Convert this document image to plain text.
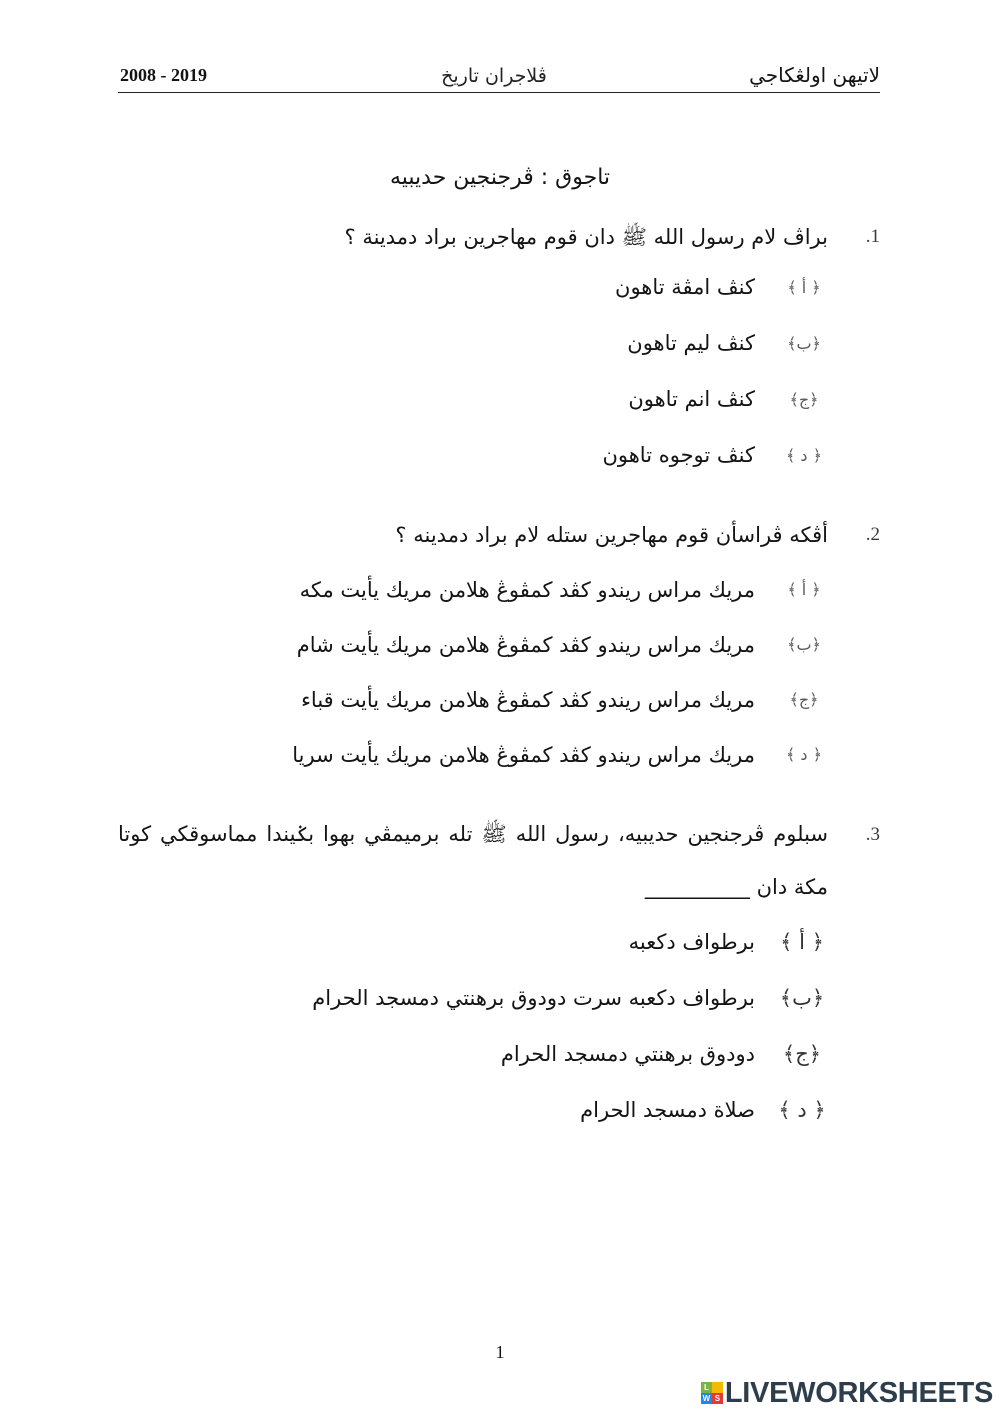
2008 - 2019	ڤلاجران تاريخ	لاتيهن اولڠكاجي
تاجوق : ڤرجنجين حديبيه
1.
براڤ لام رسول الله ﷺ دان قوم مهاجرين براد دمدينة ؟
﴿ أ ﴾
كنڤ امڤة تاهون
﴿ب﴾
كنڤ ليم تاهون
﴿ج﴾
كنڤ انم تاهون
﴿ د ﴾
كنڤ توجوه تاهون
2.
أڤكه ڤراسأن قوم مهاجرين ستله لام براد دمدينه ؟
﴿ أ ﴾
مريك مراس ريندو كڤد كمڤوڠ هلامن مريك يأيت مكه
﴿ب﴾
مريك مراس ريندو كڤد كمڤوڠ هلامن مريك يأيت شام
﴿ج﴾
مريك مراس ريندو كڤد كمڤوڠ هلامن مريك يأيت قباء
﴿ د ﴾
مريك مراس ريندو كڤد كمڤوڠ هلامن مريك يأيت سريا
3.
سبلوم ڤرجنجين حديبيه، رسول الله ﷺ تله برميمڤي بهوا بݢيندا مماسوقكي كوتا مكة دان __________
﴿ أ ﴾
برطواف دكعبه
﴿ب﴾
برطواف دكعبه سرت دودوق برهنتي دمسجد الحرام
﴿ج﴾
دودوق برهنتي دمسجد الحرام
﴿ د ﴾
صلاة دمسجد الحرام
1
L
W S LIVEWORKSHEETS
